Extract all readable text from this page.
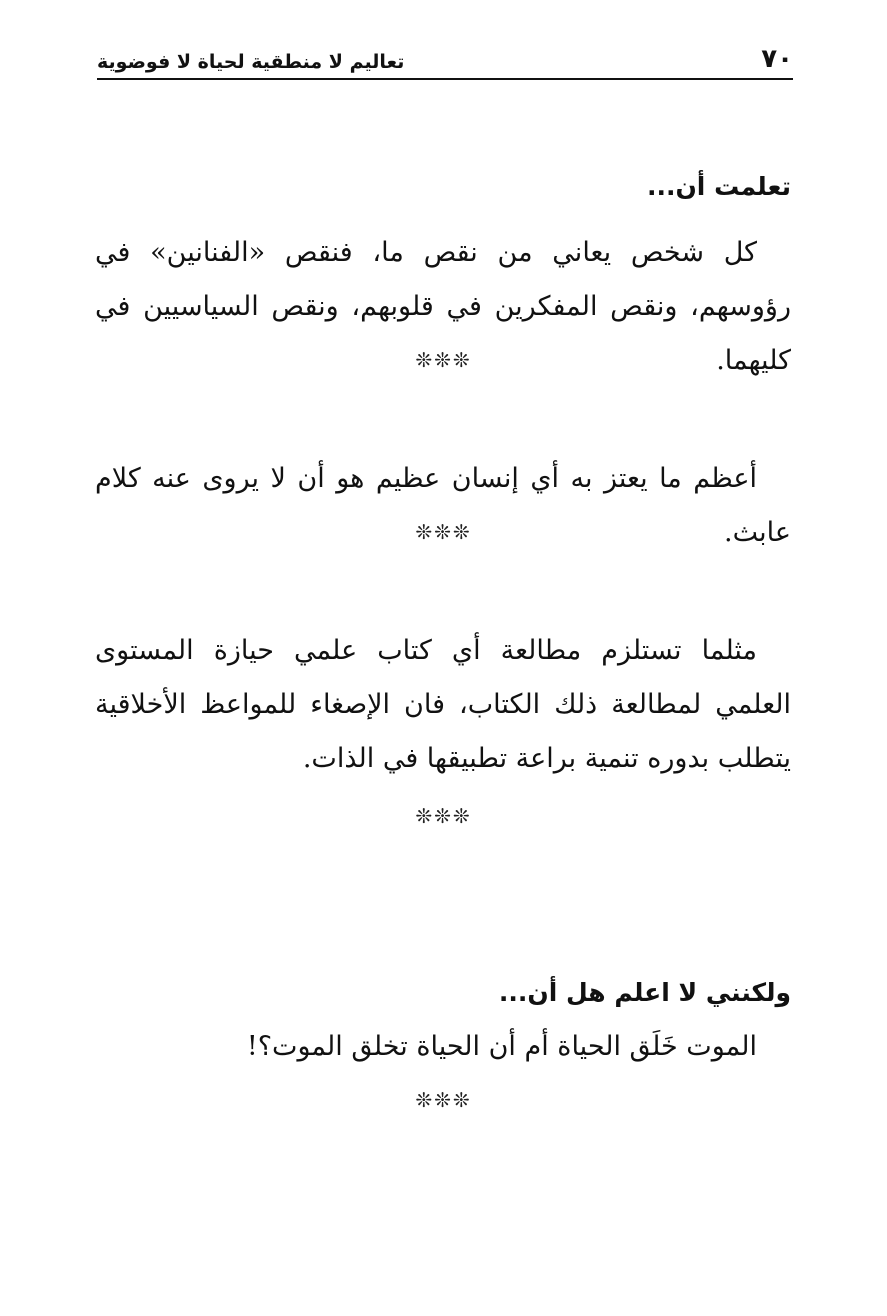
٧٠
تعاليم لا منطقية لحياة لا فوضوية

تعلمت أن...

كل شخص يعاني من نقص ما، فنقص «الفنانين» في رؤوسهم، ونقص المفكرين في قلوبهم، ونقص السياسيين في كليهما.

❊❊❊

أعظم ما يعتز به أي إنسان عظيم هو أن لا يروى عنه كلام عابث.

❊❊❊

مثلما تستلزم مطالعة أي كتاب علمي حيازة المستوى العلمي لمطالعة ذلك الكتاب، فان الإصغاء للمواعظ الأخلاقية يتطلب بدوره تنمية براعة تطبيقها في الذات.

❊❊❊

ولكنني لا اعلم هل أن...

الموت خَلَق الحياة أم أن الحياة تخلق الموت؟!

❊❊❊
